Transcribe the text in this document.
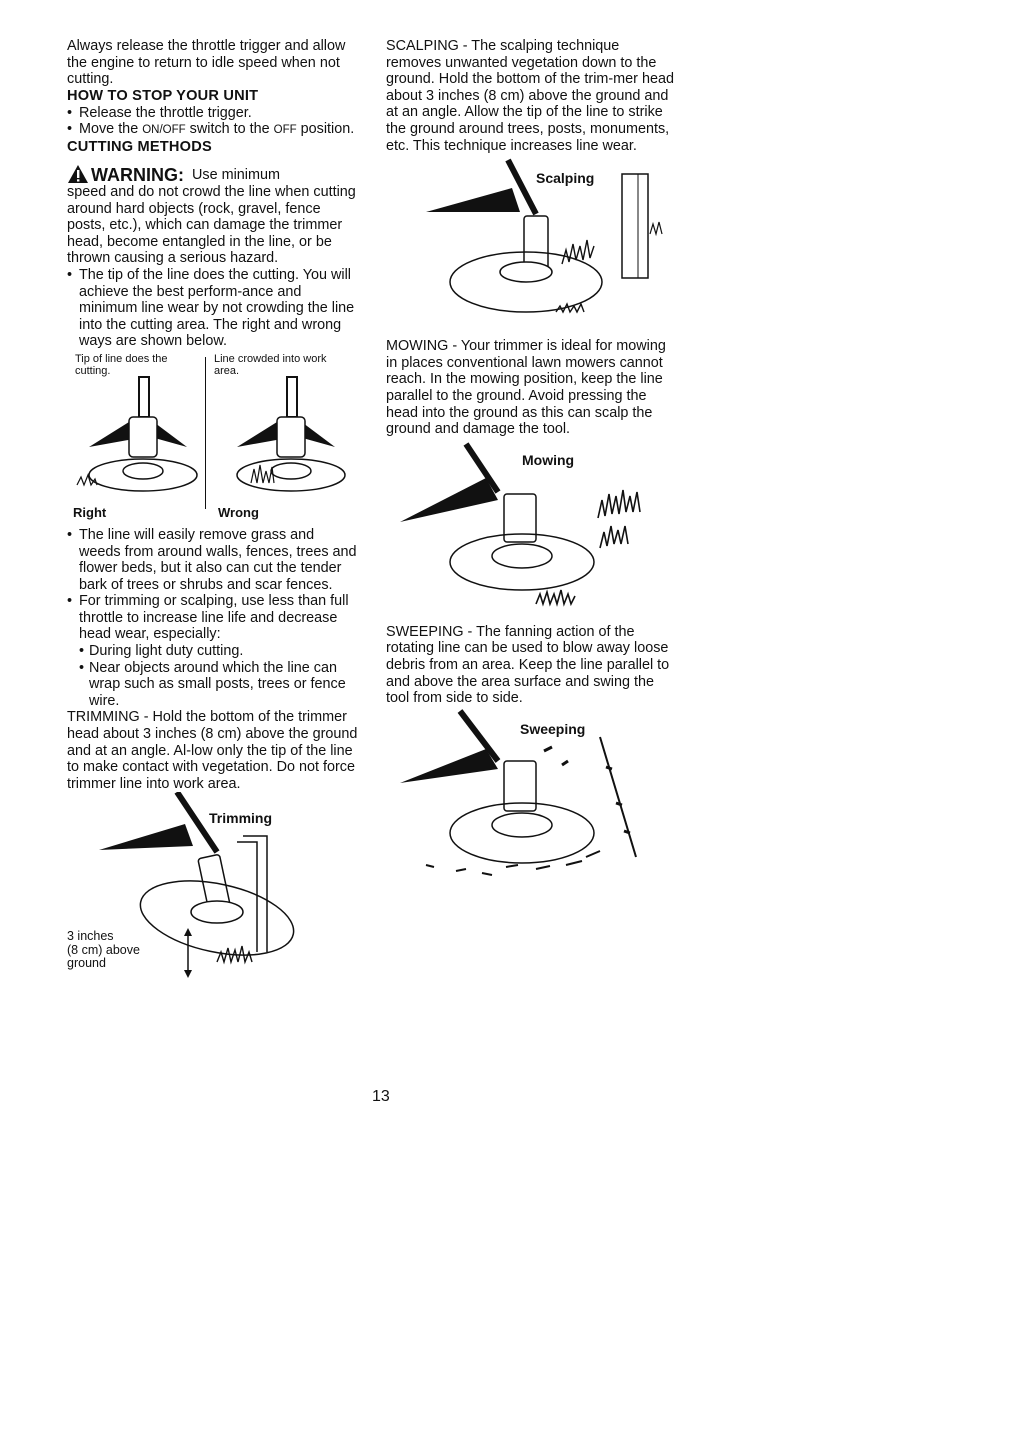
Always release the throttle trigger and allow the engine to return to idle speed when not cutting.

HOW TO STOP YOUR UNIT
• Release the throttle trigger.
• Move the ON/OFF switch to the OFF position.
CUTTING METHODS
WARNING: Use minimum

speed and do not crowd the line when cutting around hard objects (rock, gravel, fence posts, etc.), which can damage the trimmer head, become entangled in the line, or be thrown causing a serious hazard.

• The tip of the line does the cutting. You will achieve the best perform-ance and minimum line wear by not crowding the line into the cutting area. The right and wrong ways are shown below.
Tip of line does the cutting.
Line crowded into work area.
Right	Wrong
• The line will easily remove grass and weeds from around walls, fences, trees and flower beds, but it also can cut the tender bark of trees or shrubs and scar fences.
• For trimming or scalping, use less than full throttle to increase line life and decrease head wear, especially:
• During light duty cutting.
• Near objects around which the line can wrap such as small posts, trees or fence wire.

TRIMMING - Hold the bottom of the trimmer head about 3 inches (8 cm) above the ground and at an angle. Al-low only the tip of the line to make contact with vegetation. Do not force trimmer line into work area.

Trimming
3 inches
(8 cm) above
ground

SCALPING - The scalping technique removes unwanted vegetation down to the ground. Hold the bottom of the trim-mer head about 3 inches (8 cm) above the ground and at an angle. Allow the tip of the line to strike the ground around trees, posts, monuments, etc. This technique increases line wear.

Scalping

MOWING - Your trimmer is ideal for mowing in places conventional lawn mowers cannot reach. In the mowing position, keep the line parallel to the ground. Avoid pressing the head into the ground as this can scalp the ground and damage the tool.

Mowing

SWEEPING - The fanning action of the rotating line can be used to blow away loose debris from an area. Keep the line parallel to and above the area surface and swing the tool from side to side.

Sweeping
13
